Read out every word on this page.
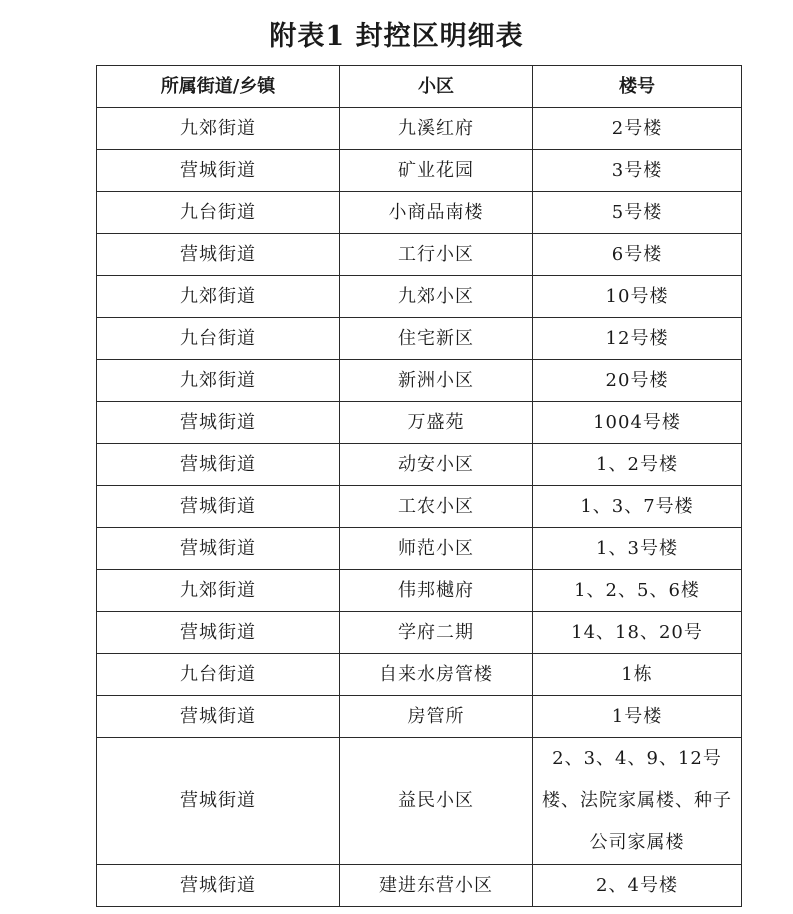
附表1 封控区明细表
所属街道/乡镇	小区	楼号
九郊街道	九溪红府	2号楼
营城街道	矿业花园	3号楼
九台街道	小商品南楼	5号楼
营城街道	工行小区	6号楼
九郊街道	九郊小区	10号楼
九台街道	住宅新区	12号楼
九郊街道	新洲小区	20号楼
营城街道	万盛苑	1004号楼
营城街道	动安小区	1、2号楼
营城街道	工农小区	1、3、7号楼
营城街道	师范小区	1、3号楼
九郊街道	伟邦樾府	1、2、5、6楼
营城街道	学府二期	14、18、20号
九台街道	自来水房管楼	1栋
营城街道	房管所	1号楼
营城街道	益民小区	2、3、4、9、12号楼、法院家属楼、种子公司家属楼
营城街道	建进东营小区	2、4号楼
